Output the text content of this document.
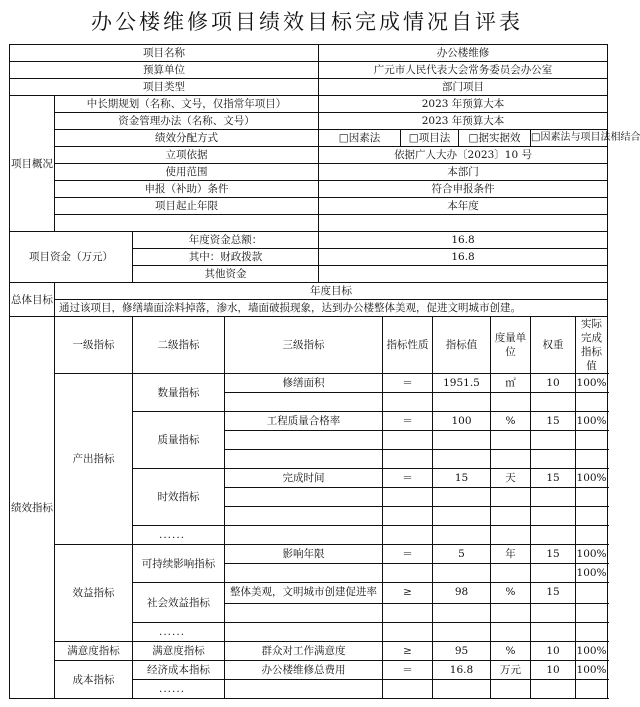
办公楼维修项目绩效目标完成情况自评表
项目名称				办公楼维修							
预算单位				广元市人民代表大会常务委员会办公室							
项目类型				部门项目							
项目概况	中长期规划（名称、文号，仅指常年项目）			2023 年预算大本							
	资金管理办法（名称、文号）			2023 年预算大本							
	绩效分配方式			□因素法		□项目法		□据实据效		□因素法与项目法相结合	
	立项依据			依据广人大办〔2023〕10 号							
	使用范围			本部门							
	申报（补助）条件			符合申报条件							
	项目起止年限			本年度							

项目资金（万元）		年度资金总额：		16.8							
		其中：财政拨款		16.8							
		其他资金									
总体目标	年度目标										
	通过该项目，修缮墙面涂料掉落，渗水，墙面破损现象，达到办公楼整体美观，促进文明城市创建。										
绩效指标	一级指标	二级指标	三级指标		指标性质		指标值		度量单位	权重	实际完成指标值
	产出指标	数量指标	修缮面积		＝		1951.5		㎡	10	100%

		质量指标	工程质量合格率		＝		100		%	15	100%

		时效指标	完成时间		＝		15		天	15	100%

		......									
	效益指标	可持续影响指标	影响年限		＝		5		年	15	100%
											100%
		社会效益指标	整体美观，文明城市创建促进率		≥		98		%	15	

		......									
	满意度指标	满意度指标	群众对工作满意度		≥		95		%	10	100%
	成本指标	经济成本指标	办公楼维修总费用		＝		16.8		万元	10	100%
		......									
